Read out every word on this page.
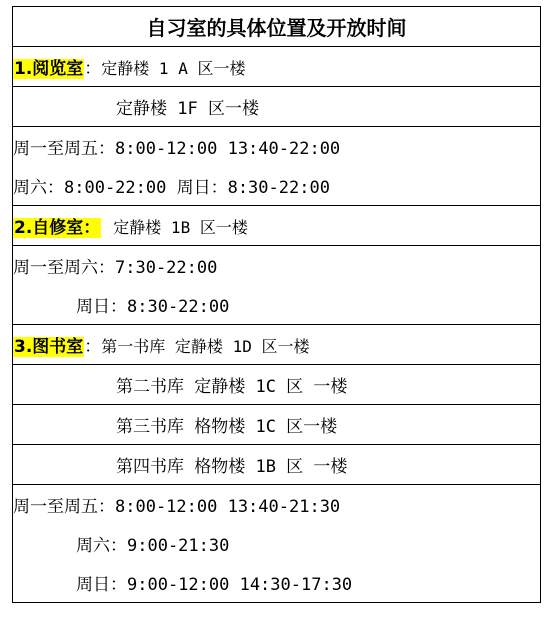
自习室的具体位置及开放时间
1.阅览室：定静楼 1 A 区一楼
定静楼 1F 区一楼
周一至周五：8:00-12:00 13:40-22:00
周六：8:00-22:00 周日：8:30-22:00
2.自修室： 定静楼 1B 区一楼
周一至周六：7:30-22:00
周日：8:30-22:00
3.图书室：第一书库 定静楼 1D 区一楼
第二书库 定静楼 1C 区 一楼
第三书库 格物楼 1C 区一楼
第四书库 格物楼 1B 区 一楼
周一至周五：8:00-12:00 13:40-21:30
周六：9:00-21:30
周日：9:00-12:00 14:30-17:30
